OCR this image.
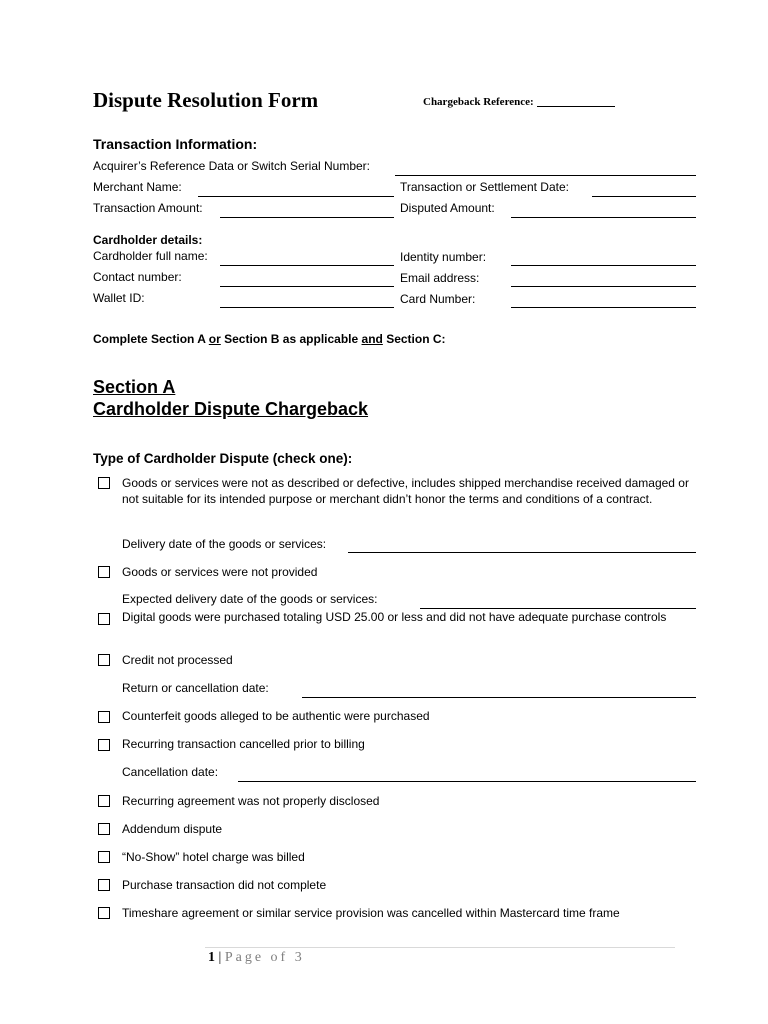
Dispute Resolution Form	Chargeback Reference:
Transaction Information:
Acquirer’s Reference Data or Switch Serial Number:
Merchant Name:	Transaction or Settlement Date:
Transaction Amount:	Disputed Amount:
Cardholder details:
Cardholder full name:	Identity number:
Contact number:	Email address:
Wallet ID:	Card Number:
Complete Section A or Section B as applicable and Section C:
Section A
Cardholder Dispute Chargeback
Type of Cardholder Dispute (check one):
Goods or services were not as described or defective, includes shipped merchandise received damaged or not suitable for its intended purpose or merchant didn’t honor the terms and conditions of a contract.
Delivery date of the goods or services:
Goods or services were not provided
Expected delivery date of the goods or services:
Digital goods were purchased totaling USD 25.00 or less and did not have adequate purchase controls
Credit not processed
Return or cancellation date:
Counterfeit goods alleged to be authentic were purchased
Recurring transaction cancelled prior to billing
Cancellation date:
Recurring agreement was not properly disclosed
Addendum dispute
“No-Show” hotel charge was billed
Purchase transaction did not complete
Timeshare agreement or similar service provision was cancelled within Mastercard time frame
1 | Page of 3
